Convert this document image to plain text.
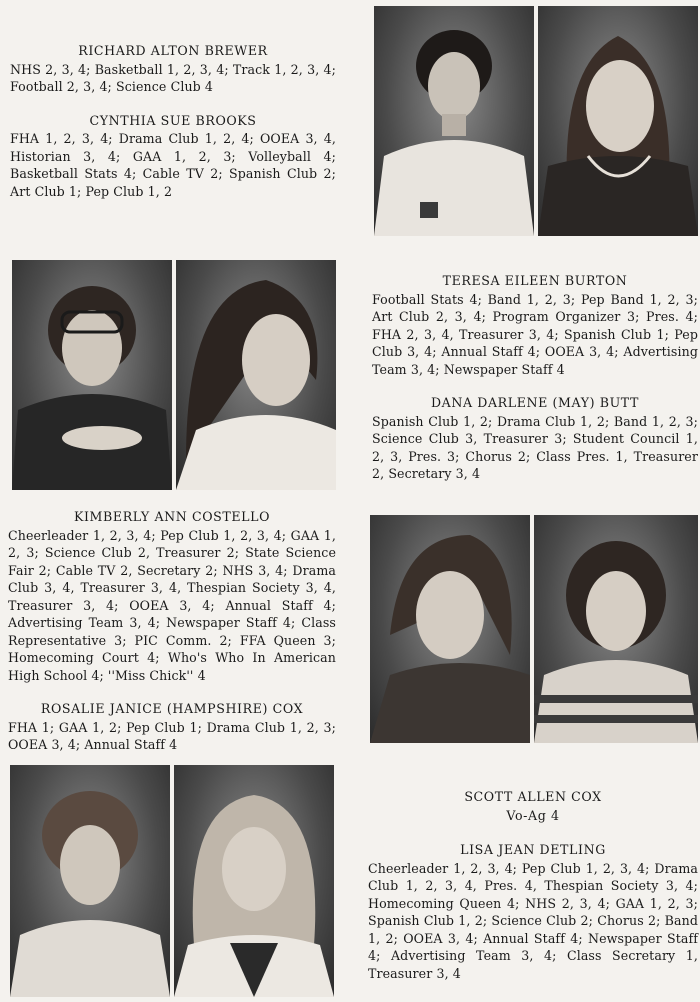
RICHARD ALTON BREWER
NHS 2, 3, 4; Basketball 1, 2, 3, 4; Track 1, 2, 3, 4; Football 2, 3, 4; Science Club 4
CYNTHIA SUE BROOKS
FHA 1, 2, 3, 4; Drama Club 1, 2, 4; OOEA 3, 4, Historian 3, 4; GAA 1, 2, 3; Volleyball 4; Basketball Stats 4; Cable TV 2; Spanish Club 2; Art Club 1; Pep Club 1, 2
TERESA EILEEN BURTON
Football Stats 4; Band 1, 2, 3; Pep Band 1, 2, 3; Art Club 2, 3, 4; Program Organizer 3; Pres. 4; FHA 2, 3, 4, Treasurer 3, 4; Spanish Club 1; Pep Club 3, 4; Annual Staff 4; OOEA 3, 4; Advertising Team 3, 4; Newspaper Staff 4
DANA DARLENE (MAY) BUTT
Spanish Club 1, 2; Drama Club 1, 2; Band 1, 2, 3; Science Club 3, Treasurer 3; Student Council 1, 2, 3, Pres. 3; Chorus 2; Class Pres. 1, Treasurer 2, Secretary 3, 4
KIMBERLY ANN COSTELLO
Cheerleader 1, 2, 3, 4; Pep Club 1, 2, 3, 4; GAA 1, 2, 3; Science Club 2, Treasurer 2; State Science Fair 2; Cable TV 2, Secretary 2; NHS 3, 4; Drama Club 3, 4, Treasurer 3, 4, Thespian Society 3, 4, Treasurer 3, 4; OOEA 3, 4; Annual Staff 4; Advertising Team 3, 4; Newspaper Staff 4; Class Representative 3; PIC Comm. 2; FFA Queen 3; Homecoming Court 4; Who's Who In American High School 4; ''Miss Chick'' 4
ROSALIE JANICE (HAMPSHIRE) COX
FHA 1; GAA 1, 2; Pep Club 1; Drama Club 1, 2, 3; OOEA 3, 4; Annual Staff 4
SCOTT ALLEN COX
Vo-Ag 4
LISA JEAN DETLING
Cheerleader 1, 2, 3, 4; Pep Club 1, 2, 3, 4; Drama Club 1, 2, 3, 4, Pres. 4, Thespian Society 3, 4; Homecoming Queen 4; NHS 2, 3, 4; GAA 1, 2, 3; Spanish Club 1, 2; Science Club 2; Chorus 2; Band 1, 2; OOEA 3, 4; Annual Staff 4; Newspaper Staff 4; Advertising Team 3, 4; Class Secretary 1, Treasurer 3, 4
